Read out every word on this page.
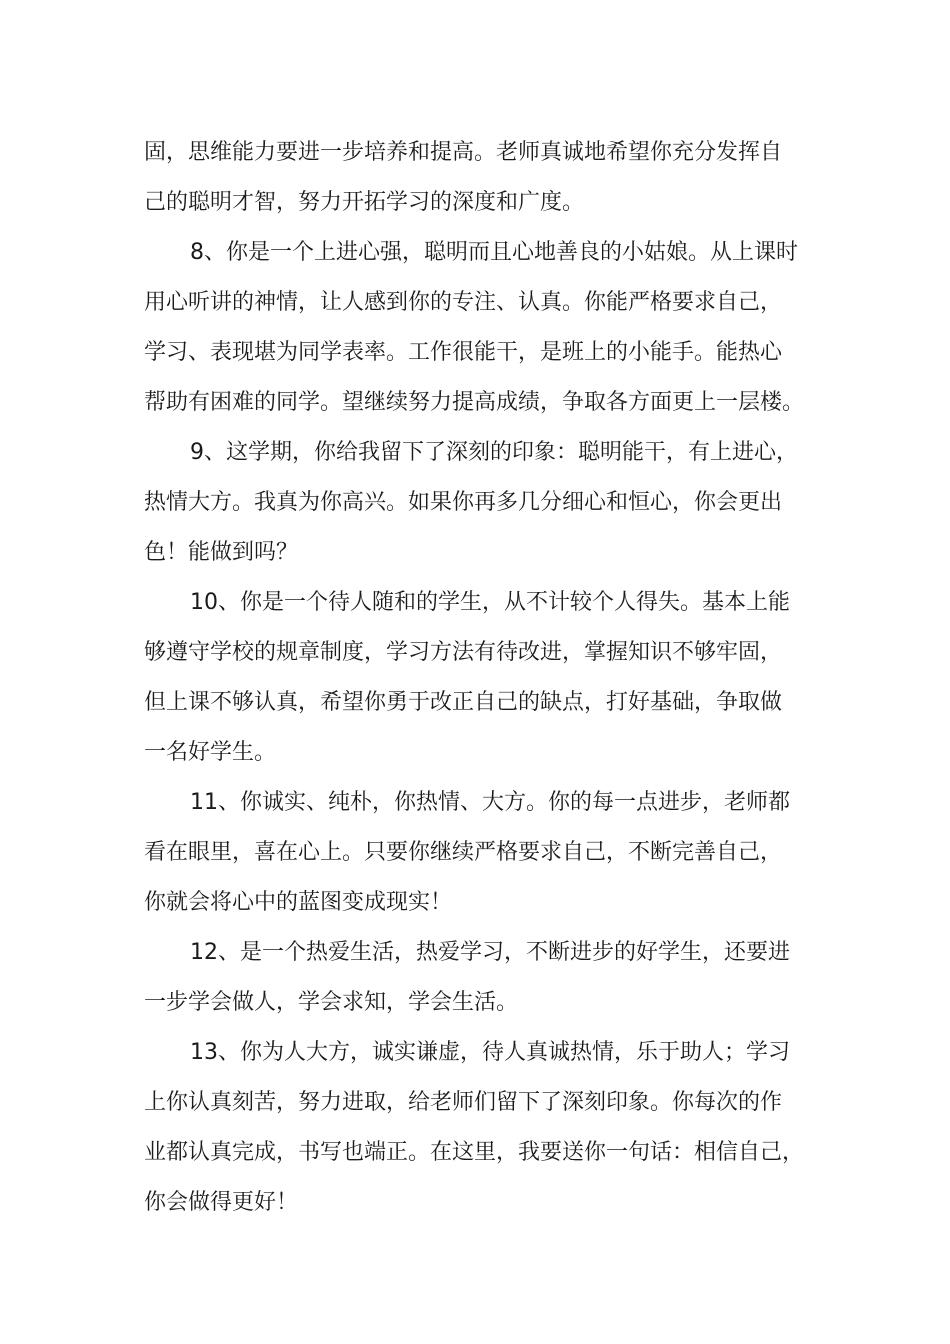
固，思维能力要进一步培养和提高。老师真诚地希望你充分发挥自
己的聪明才智，努力开拓学习的深度和广度。
8、你是一个上进心强，聪明而且心地善良的小姑娘。从上课时
用心听讲的神情，让人感到你的专注、认真。你能严格要求自己，
学习、表现堪为同学表率。工作很能干，是班上的小能手。能热心
帮助有困难的同学。望继续努力提高成绩，争取各方面更上一层楼。
9、这学期，你给我留下了深刻的印象：聪明能干，有上进心，
热情大方。我真为你高兴。如果你再多几分细心和恒心，你会更出
色！能做到吗？
10、你是一个待人随和的学生，从不计较个人得失。基本上能
够遵守学校的规章制度，学习方法有待改进，掌握知识不够牢固，
但上课不够认真，希望你勇于改正自己的缺点，打好基础，争取做
一名好学生。
11、你诚实、纯朴，你热情、大方。你的每一点进步，老师都
看在眼里，喜在心上。只要你继续严格要求自己，不断完善自己，
你就会将心中的蓝图变成现实！
12、是一个热爱生活，热爱学习，不断进步的好学生，还要进
一步学会做人，学会求知，学会生活。
13、你为人大方，诚实谦虚，待人真诚热情，乐于助人；学习
上你认真刻苦，努力进取，给老师们留下了深刻印象。你每次的作
业都认真完成，书写也端正。在这里，我要送你一句话：相信自己，
你会做得更好！
